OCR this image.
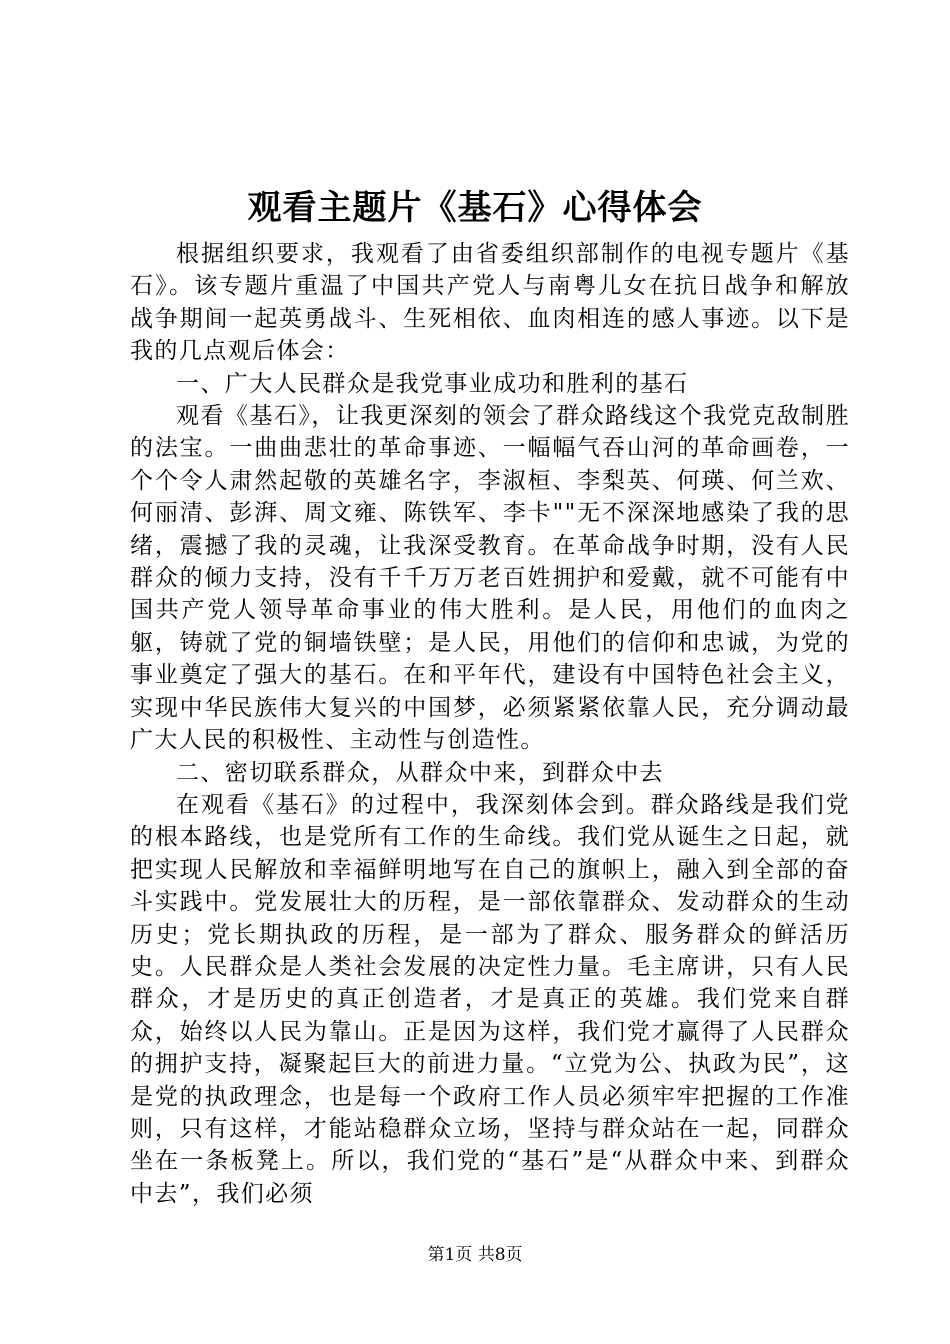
观看主题片《基石》心得体会

根据组织要求，我观看了由省委组织部制作的电视专题片《基石》。该专题片重温了中国共产党人与南粤儿女在抗日战争和解放战争期间一起英勇战斗、生死相依、血肉相连的感人事迹。以下是我的几点观后体会：

一、广大人民群众是我党事业成功和胜利的基石

观看《基石》，让我更深刻的领会了群众路线这个我党克敌制胜的法宝。一曲曲悲壮的革命事迹、一幅幅气吞山河的革命画卷，一个个令人肃然起敬的英雄名字，李淑桓、李梨英、何瑛、何兰欢、何丽清、彭湃、周文雍、陈铁军、李卡""无不深深地感染了我的思绪，震撼了我的灵魂，让我深受教育。在革命战争时期，没有人民群众的倾力支持，没有千千万万老百姓拥护和爱戴，就不可能有中国共产党人领导革命事业的伟大胜利。是人民，用他们的血肉之躯，铸就了党的铜墙铁壁；是人民，用他们的信仰和忠诚，为党的事业奠定了强大的基石。在和平年代，建设有中国特色社会主义，实现中华民族伟大复兴的中国梦，必须紧紧依靠人民，充分调动最广大人民的积极性、主动性与创造性。

二、密切联系群众，从群众中来，到群众中去

在观看《基石》的过程中，我深刻体会到。群众路线是我们党的根本路线，也是党所有工作的生命线。我们党从诞生之日起，就把实现人民解放和幸福鲜明地写在自己的旗帜上，融入到全部的奋斗实践中。党发展壮大的历程，是一部依靠群众、发动群众的生动历史；党长期执政的历程，是一部为了群众、服务群众的鲜活历史。人民群众是人类社会发展的决定性力量。毛主席讲，只有人民群众，才是历史的真正创造者，才是真正的英雄。我们党来自群众，始终以人民为靠山。正是因为这样，我们党才赢得了人民群众的拥护支持，凝聚起巨大的前进力量。“立党为公、执政为民”，这是党的执政理念，也是每一个政府工作人员必须牢牢把握的工作准则，只有这样，才能站稳群众立场，坚持与群众站在一起，同群众坐在一条板凳上。所以，我们党的“基石”是“从群众中来、到群众中去”，我们必须

第1页 共8页
